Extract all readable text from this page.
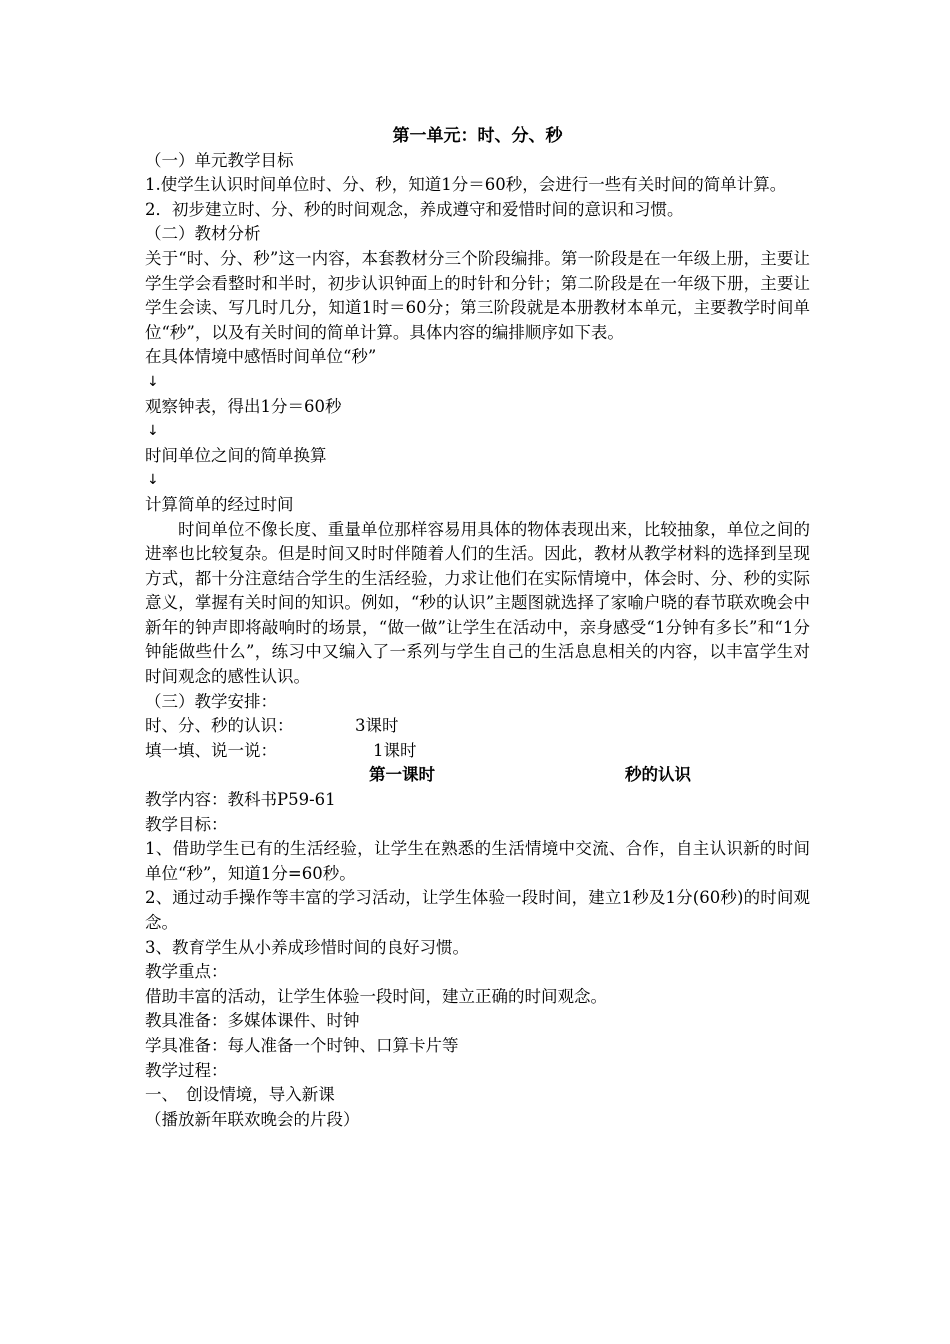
第一单元：时、分、秒
（一）单元教学目标
1.使学生认识时间单位时、分、秒，知道1分＝60秒，会进行一些有关时间的简单计算。
2．初步建立时、分、秒的时间观念，养成遵守和爱惜时间的意识和习惯。
（二）教材分析
关于“时、分、秒”这一内容，本套教材分三个阶段编排。第一阶段是在一年级上册，主要让学生学会看整时和半时，初步认识钟面上的时针和分针；第二阶段是在一年级下册，主要让学生会读、写几时几分，知道1时＝60分；第三阶段就是本册教材本单元，主要教学时间单位“秒”，以及有关时间的简单计算。具体内容的编排顺序如下表。
在具体情境中感悟时间单位“秒”
↓
观察钟表，得出1分＝60秒
↓
时间单位之间的简单换算
↓
计算简单的经过时间
时间单位不像长度、重量单位那样容易用具体的物体表现出来，比较抽象，单位之间的进率也比较复杂。但是时间又时时伴随着人们的生活。因此，教材从教学材料的选择到呈现方式，都十分注意结合学生的生活经验，力求让他们在实际情境中，体会时、分、秒的实际意义，掌握有关时间的知识。例如，“秒的认识”主题图就选择了家喻户晓的春节联欢晚会中新年的钟声即将敲响时的场景，“做一做”让学生在活动中，亲身感受“1分钟有多长”和“1分钟能做些什么”，练习中又编入了一系列与学生自己的生活息息相关的内容，以丰富学生对时间观念的感性认识。
（三）教学安排：
时、分、秒的认识：	3课时
填一填、说一说：	1课时
第一课时	秒的认识
教学内容：教科书P59-61
教学目标：
1、借助学生已有的生活经验，让学生在熟悉的生活情境中交流、合作，自主认识新的时间单位“秒”，知道1分=60秒。
2、通过动手操作等丰富的学习活动，让学生体验一段时间，建立1秒及1分(60秒)的时间观念。
3、教育学生从小养成珍惜时间的良好习惯。
教学重点：
借助丰富的活动，让学生体验一段时间，建立正确的时间观念。
教具准备：多媒体课件、时钟
学具准备：每人准备一个时钟、口算卡片等
教学过程：
一、　创设情境，导入新课
（播放新年联欢晚会的片段）
